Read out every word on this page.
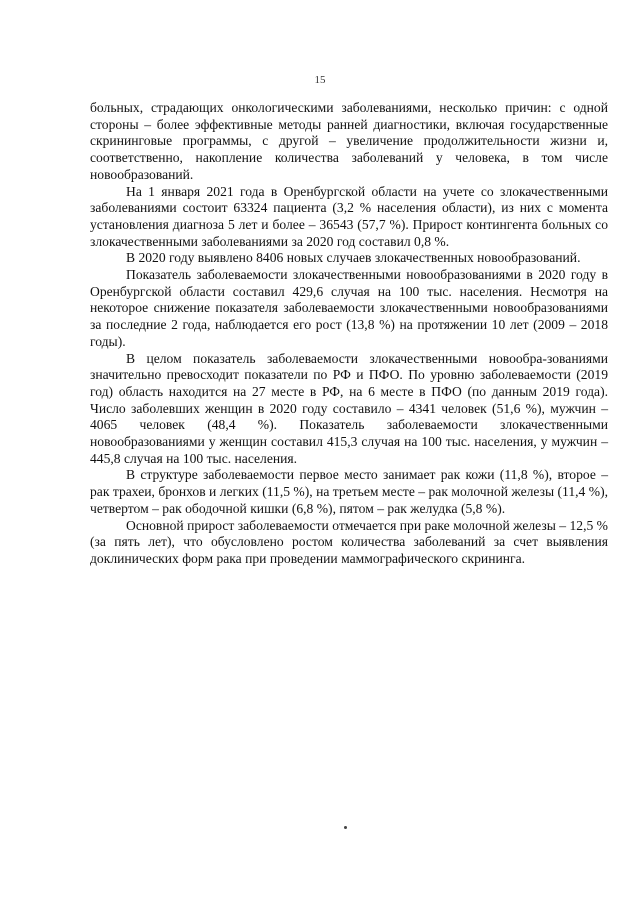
15

больных, страдающих онкологическими заболеваниями, несколько причин: с одной стороны – более эффективные методы ранней диагностики, включая государственные скрининговые программы, с другой – увеличение продолжительности жизни и, соответственно, накопление количества заболеваний у человека, в том числе новообразований.

На 1 января 2021 года в Оренбургской области на учете со злокачественными заболеваниями состоит 63324 пациента (3,2 % населения области), из них с момента установления диагноза 5 лет и более – 36543 (57,7 %). Прирост контингента больных со злокачественными заболеваниями за 2020 год составил 0,8 %.

В 2020 году выявлено 8406 новых случаев злокачественных новообразований.

Показатель заболеваемости злокачественными новообразованиями в 2020 году в Оренбургской области составил 429,6 случая на 100 тыс. населения. Несмотря на некоторое снижение показателя заболеваемости злокачественными новообразованиями за последние 2 года, наблюдается его рост (13,8 %) на протяжении 10 лет (2009 – 2018 годы).

В целом показатель заболеваемости злокачественными новообра-зованиями значительно превосходит показатели по РФ и ПФО. По уровню заболеваемости (2019 год) область находится на 27 месте в РФ, на 6 месте в ПФО (по данным 2019 года). Число заболевших женщин в 2020 году составило – 4341 человек (51,6 %), мужчин – 4065 человек (48,4 %). Показатель заболеваемости злокачественными новообразованиями у женщин составил 415,3 случая на 100 тыс. населения, у мужчин – 445,8 случая на 100 тыс. населения.

В структуре заболеваемости первое место занимает рак кожи (11,8 %), второе – рак трахеи, бронхов и легких (11,5 %), на третьем месте – рак молочной железы (11,4 %), четвертом – рак ободочной кишки (6,8 %), пятом – рак желудка (5,8 %).

Основной прирост заболеваемости отмечается при раке молочной железы – 12,5 % (за пять лет), что обусловлено ростом количества заболеваний за счет выявления доклинических форм рака при проведении маммографического скрининга.
